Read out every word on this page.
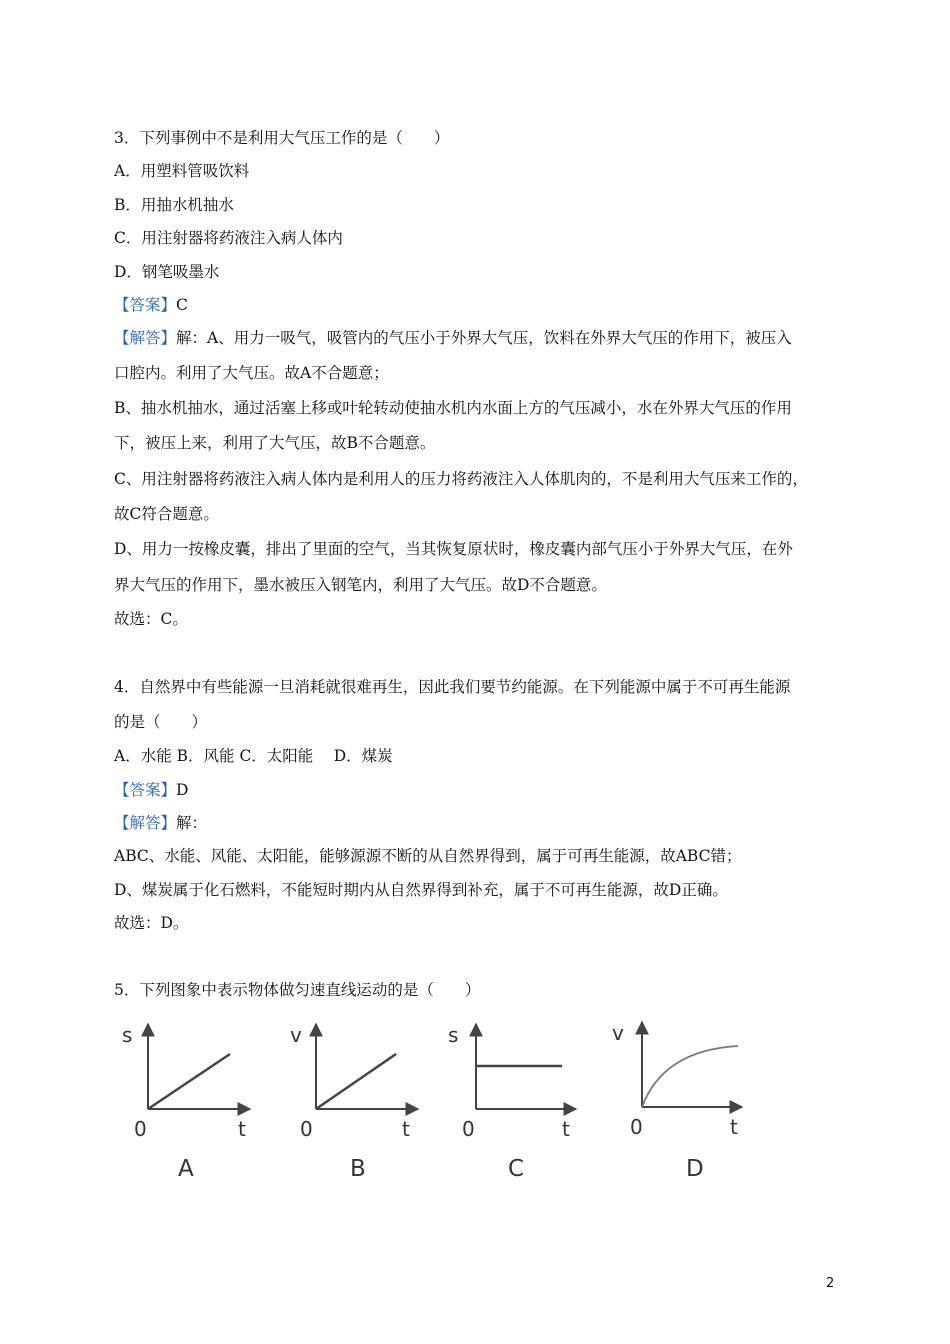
3．下列事例中不是利用大气压工作的是（　　）
A．用塑料管吸饮料
B．用抽水机抽水
C．用注射器将药液注入病人体内
D．钢笔吸墨水
【答案】C
【解答】解：A、用力一吸气，吸管内的气压小于外界大气压，饮料在外界大气压的作用下，被压入
口腔内。利用了大气压。故A不合题意；
B、抽水机抽水，通过活塞上移或叶轮转动使抽水机内水面上方的气压减小，水在外界大气压的作用
下，被压上来，利用了大气压，故B不合题意。
C、用注射器将药液注入病人体内是利用人的压力将药液注入人体肌肉的，不是利用大气压来工作的，
故C符合题意。
D、用力一按橡皮囊，排出了里面的空气，当其恢复原状时，橡皮囊内部气压小于外界大气压，在外
界大气压的作用下，墨水被压入钢笔内，利用了大气压。故D不合题意。
故选：C。
4．自然界中有些能源一旦消耗就很难再生，因此我们要节约能源。在下列能源中属于不可再生能源
的是（　　）
A．水能 B．风能 C．太阳能　 D．煤炭
【答案】D
【解答】解：
ABC、水能、风能、太阳能，能够源源不断的从自然界得到，属于可再生能源，故ABC错；
D、煤炭属于化石燃料，不能短时期内从自然界得到补充，属于不可再生能源，故D正确。
故选：D。
5．下列图象中表示物体做匀速直线运动的是（　　）
s
t
0
A
v
t
0
B
s
t
0
C
v
t
0
D
2
